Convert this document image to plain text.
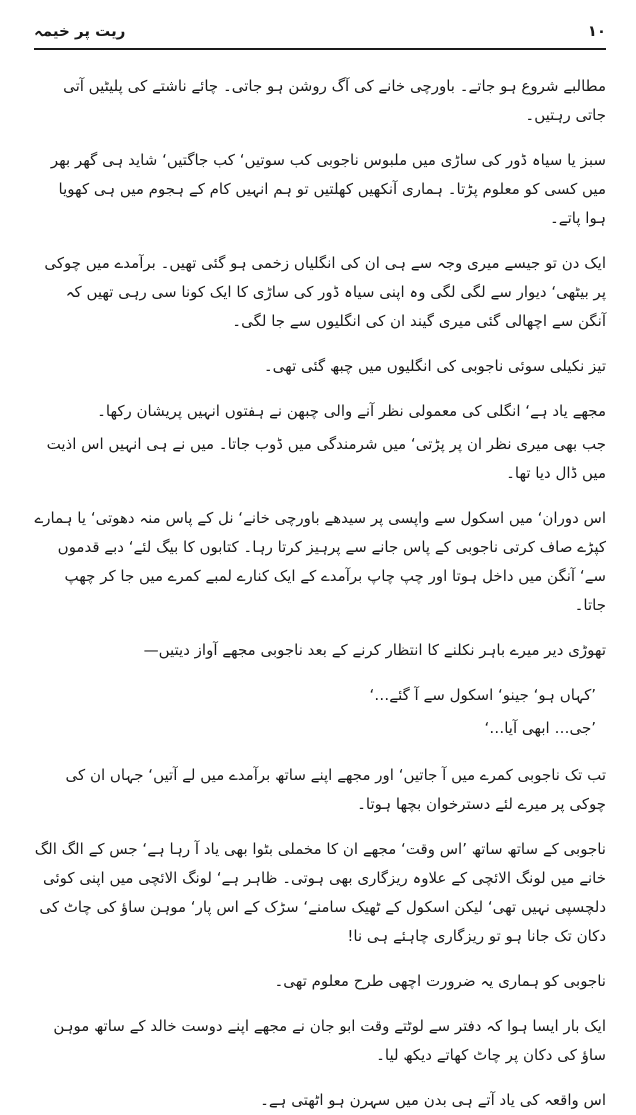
ریت پر خیمہ	١٠

مطالبے شروع ہو جاتے۔ باورچی خانے کی آگ روشن ہو جاتی۔ چائے ناشتے کی پلیٹیں آتی جاتی رہتیں۔

سبز یا سیاہ ڈور کی ساڑی میں ملبوس ناجوبی کب سوتیں‘ کب جاگتیں‘ شاید ہی گھر بھر میں کسی کو معلوم پڑتا۔ ہماری آنکھیں کھلتیں تو ہم انہیں کام کے ہجوم میں ہی کھویا ہوا پاتے۔

ایک دن تو جیسے میری وجہ سے ہی ان کی انگلیاں زخمی ہو گئی تھیں۔ برآمدے میں چوکی پر بیٹھی‘ دیوار سے لگی لگی وہ اپنی سیاہ ڈور کی ساڑی کا ایک کونا سی رہی تھیں کہ آنگن سے اچھالی گئی میری گیند ان کی انگلیوں سے جا لگی۔

تیز نکیلی سوئی ناجوبی کی انگلیوں میں چبھ گئی تھی۔

مجھے یاد ہے‘ انگلی کی معمولی نظر آنے والی چبھن نے ہفتوں انہیں پریشان رکھا۔

جب بھی میری نظر ان پر پڑتی‘ میں شرمندگی میں ڈوب جاتا۔ میں نے ہی انہیں اس اذیت میں ڈال دیا تھا۔

اس دوران‘ میں اسکول سے واپسی پر سیدھے باورچی خانے‘ نل کے پاس منہ دھوتی‘ یا ہمارے کپڑے صاف کرتی ناجوبی کے پاس جانے سے پرہیز کرتا رہا۔ کتابوں کا بیگ لئے‘ دبے قدموں سے‘ آنگن میں داخل ہوتا اور چپ چاپ برآمدے کے ایک کنارے لمبے کمرے میں جا کر چھپ جاتا۔

تھوڑی دیر میرے باہر نکلنے کا انتظار کرنے کے بعد ناجوبی مجھے آواز دیتیں—

’کہاں ہو‘ جینو‘ اسکول سے آ گئے…‘

’جی… ابھی آیا…‘

تب تک ناجوبی کمرے میں آ جاتیں‘ اور مجھے اپنے ساتھ برآمدے میں لے آتیں‘ جہاں ان کی چوکی پر میرے لئے دسترخوان بچھا ہوتا۔

ناجوبی کے ساتھ ساتھ ’اس وقت‘ مجھے ان کا مخملی بٹوا بھی یاد آ رہا ہے‘ جس کے الگ الگ خانے میں لونگ الائچی کے علاوہ ریزگاری بھی ہوتی۔ ظاہر ہے‘ لونگ الائچی میں اپنی کوئی دلچسپی نہیں تھی‘ لیکن اسکول کے ٹھیک سامنے‘ سڑک کے اس پار‘ موہن ساؤ کی چاٹ کی دکان تک جانا ہو تو ریزگاری چاہئے ہی نا!

ناجوبی کو ہماری یہ ضرورت اچھی طرح معلوم تھی۔

ایک بار ایسا ہوا کہ دفتر سے لوٹتے وقت ابو جان نے مجھے اپنے دوست خالد کے ساتھ موہن ساؤ کی دکان پر چاٹ کھاتے دیکھ لیا۔

اس واقعہ کی یاد آتے ہی بدن میں سہرن ہو اٹھتی ہے۔
